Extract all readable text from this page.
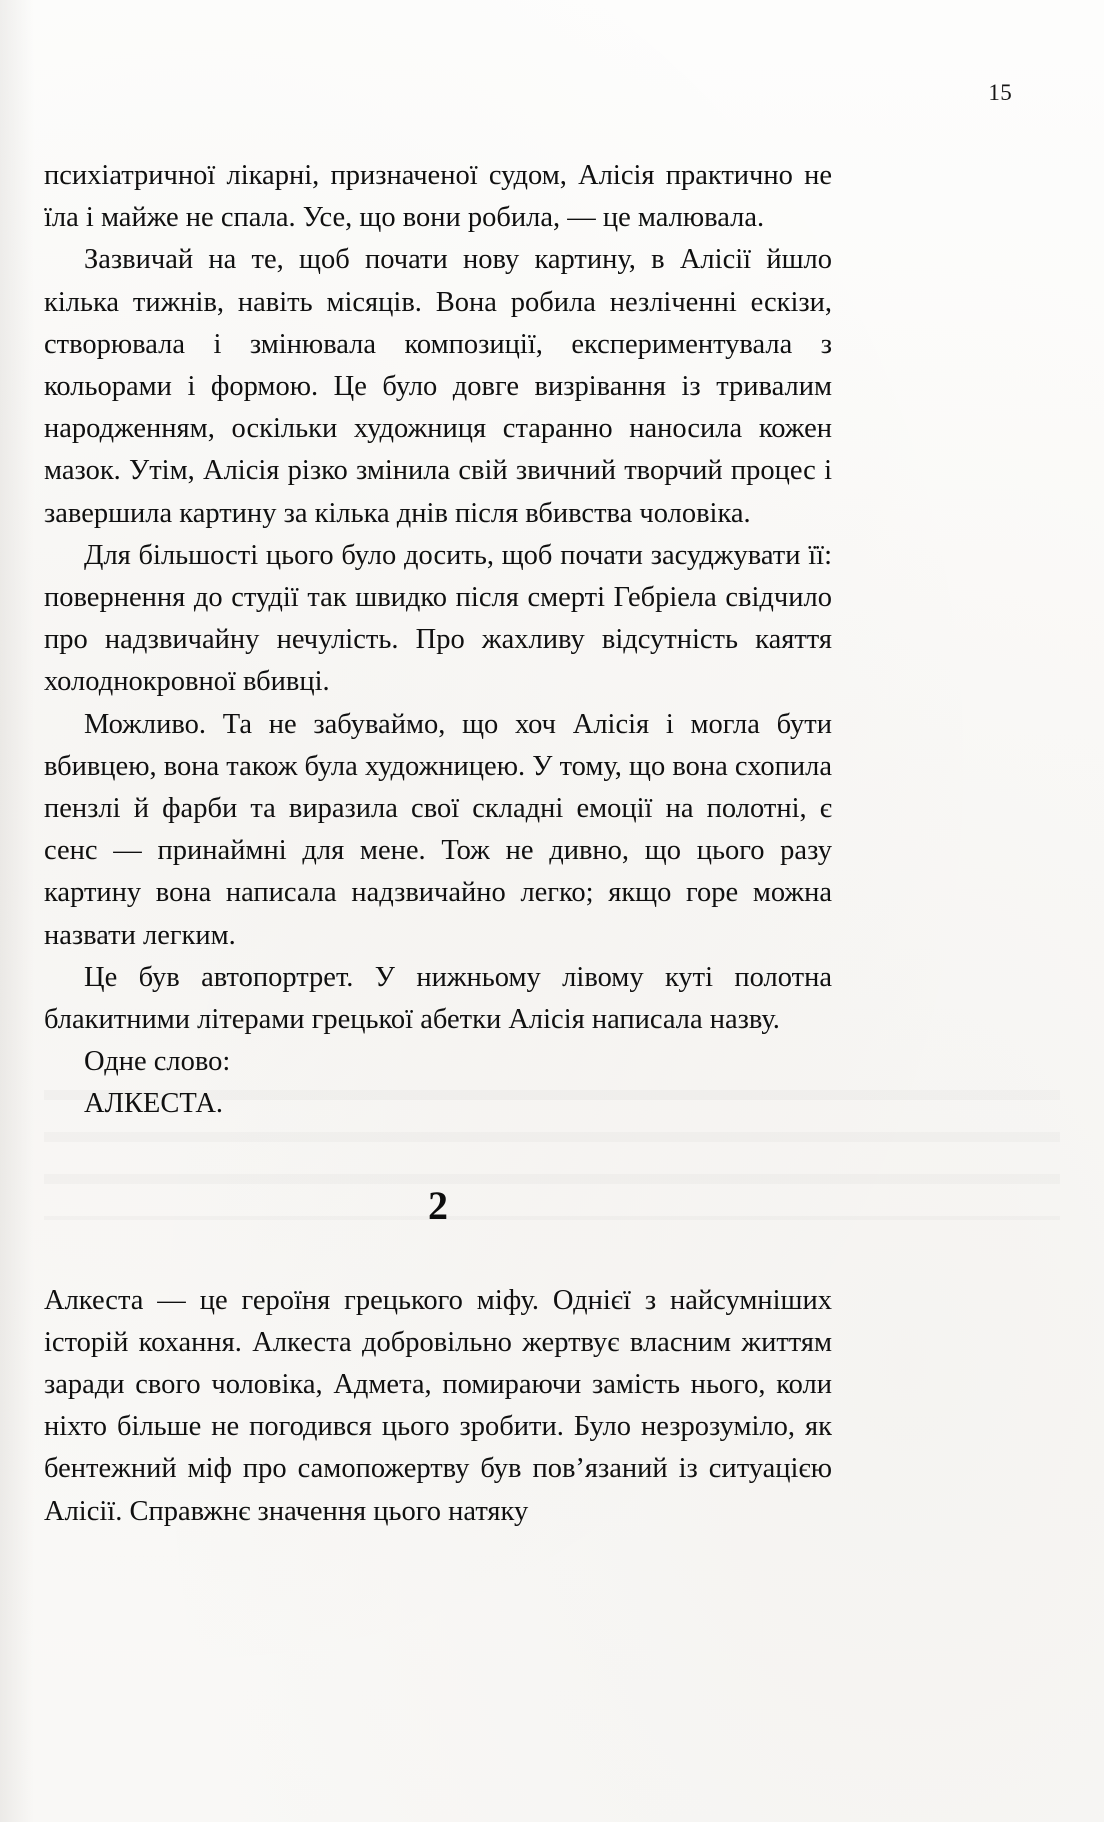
15

психіатричної лікарні, призначеної судом, Алісія практично не їла і майже не спала. Усе, що вони робила, — це малювала.

Зазвичай на те, щоб почати нову картину, в Алісії йшло кілька тижнів, навіть місяців. Вона робила незліченні ескізи, створювала і змінювала композиції, експериментувала з кольорами і формою. Це було довге визрівання із тривалим народженням, оскільки художниця старанно наносила кожен мазок. Утім, Алісія різко змінила свій звичний творчий процес і завершила картину за кілька днів після вбивства чоловіка.

Для більшості цього було досить, щоб почати засуджувати її: повернення до студії так швидко після смерті Гебріела свідчило про надзвичайну нечулість. Про жахливу відсутність каяття холоднокровної вбивці.

Можливо. Та не забуваймо, що хоч Алісія і могла бути вбивцею, вона також була художницею. У тому, що вона схопила пензлі й фарби та виразила свої складні емоції на полотні, є сенс — принаймні для мене. Тож не дивно, що цього разу картину вона написала надзвичайно легко; якщо горе можна назвати легким.

Це був автопортрет. У нижньому лівому куті полотна блакитними літерами грецької абетки Алісія написала назву.

Одне слово:

АЛКЕСТА.

2

Алкеста — це героїня грецького міфу. Однієї з найсумніших історій кохання. Алкеста добровільно жертвує власним життям заради свого чоловіка, Адмета, помираючи замість нього, коли ніхто більше не погодився цього зробити. Було незрозуміло, як бентежний міф про самопожертву був пов’язаний із ситуацією Алісії. Справжнє значення цього натяку
